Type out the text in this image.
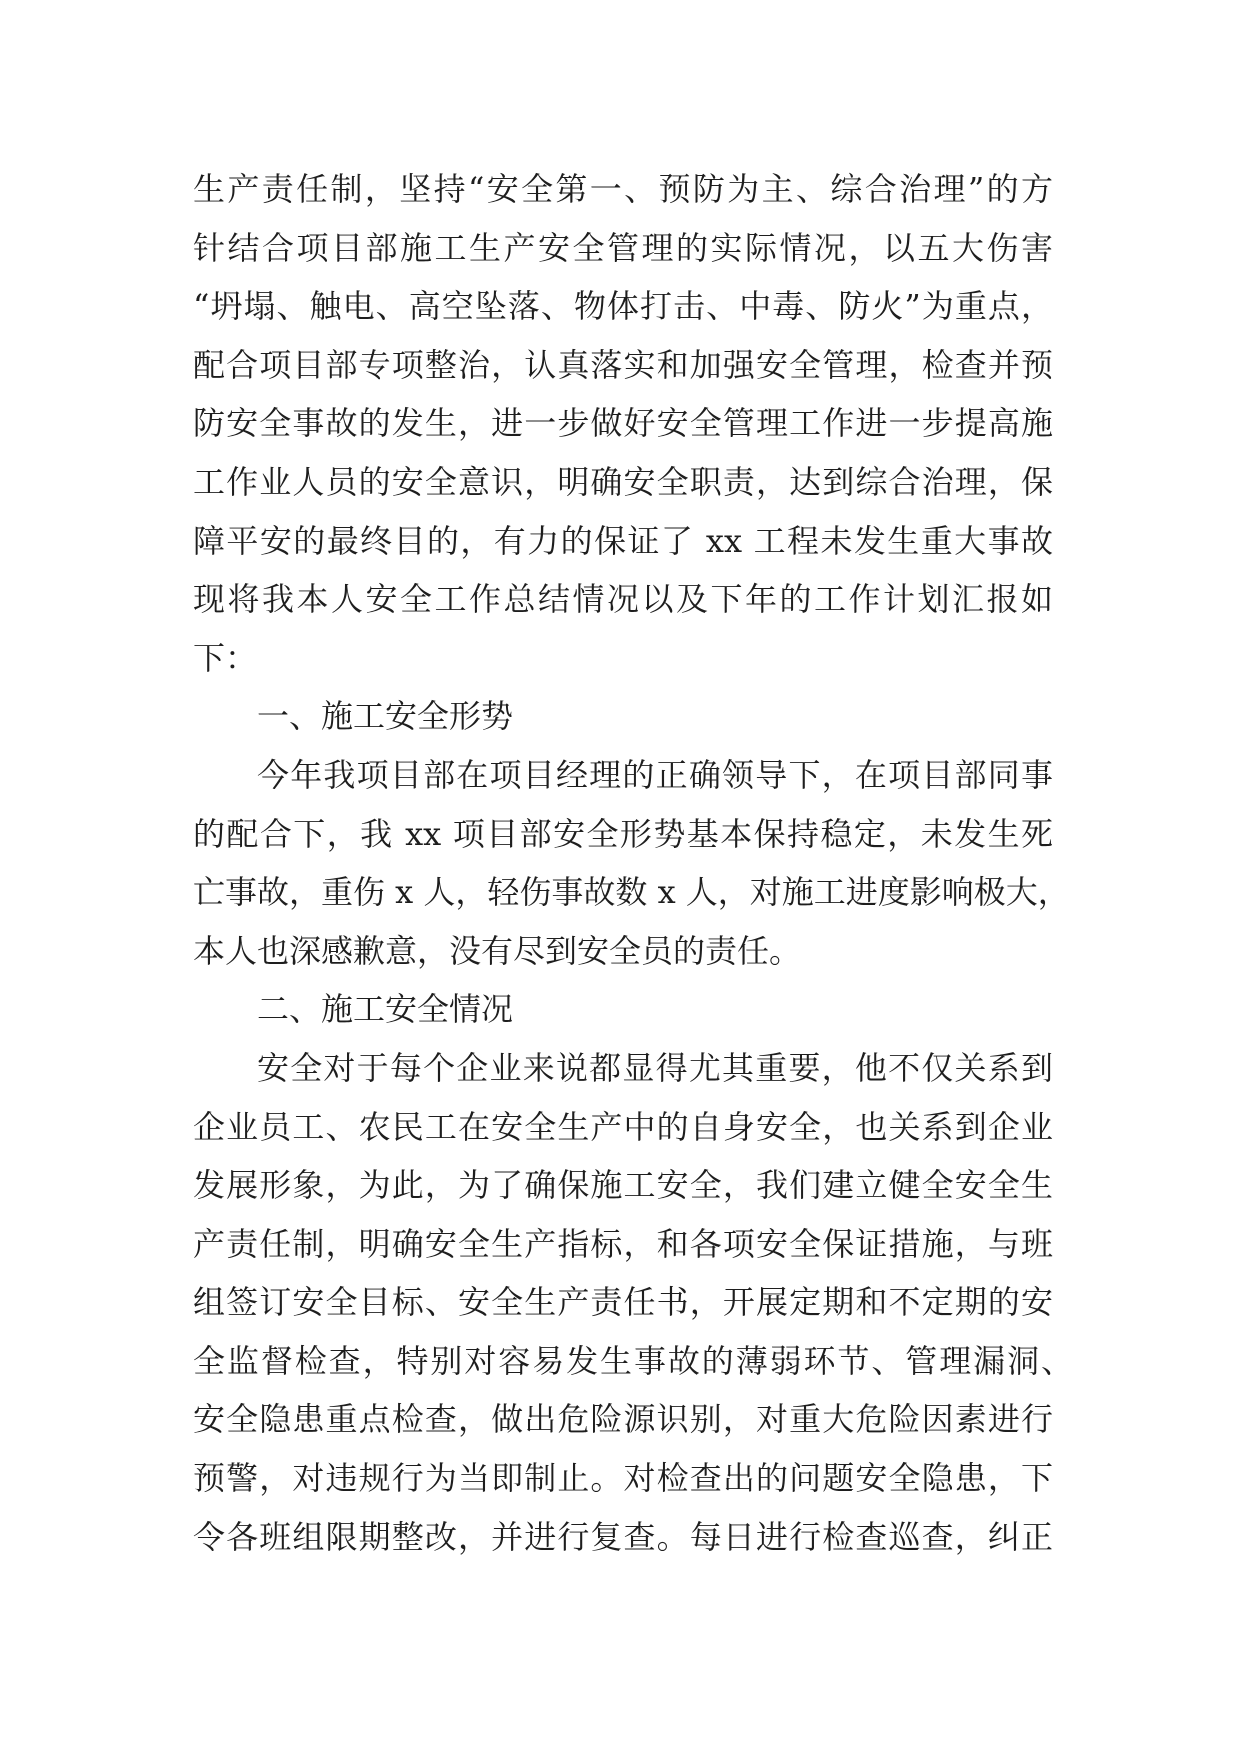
生产责任制，坚持“安全第一、预防为主、综合治理”的方
针结合项目部施工生产安全管理的实际情况，以五大伤害
“坍塌、触电、高空坠落、物体打击、中毒、防火”为重点，
配合项目部专项整治，认真落实和加强安全管理，检查并预
防安全事故的发生，进一步做好安全管理工作进一步提高施
工作业人员的安全意识，明确安全职责，达到综合治理，保
障平安的最终目的，有力的保证了 xx 工程未发生重大事故
现将我本人安全工作总结情况以及下年的工作计划汇报如
下：
一、施工安全形势
今年我项目部在项目经理的正确领导下，在项目部同事
的配合下，我 xx 项目部安全形势基本保持稳定，未发生死
亡事故，重伤 x 人，轻伤事故数 x 人，对施工进度影响极大，
本人也深感歉意，没有尽到安全员的责任。
二、施工安全情况
安全对于每个企业来说都显得尤其重要，他不仅关系到
企业员工、农民工在安全生产中的自身安全，也关系到企业
发展形象，为此，为了确保施工安全，我们建立健全安全生
产责任制，明确安全生产指标，和各项安全保证措施，与班
组签订安全目标、安全生产责任书，开展定期和不定期的安
全监督检查，特别对容易发生事故的薄弱环节、管理漏洞、
安全隐患重点检查，做出危险源识别，对重大危险因素进行
预警，对违规行为当即制止。对检查出的问题安全隐患，下
令各班组限期整改，并进行复查。每日进行检查巡查，纠正
